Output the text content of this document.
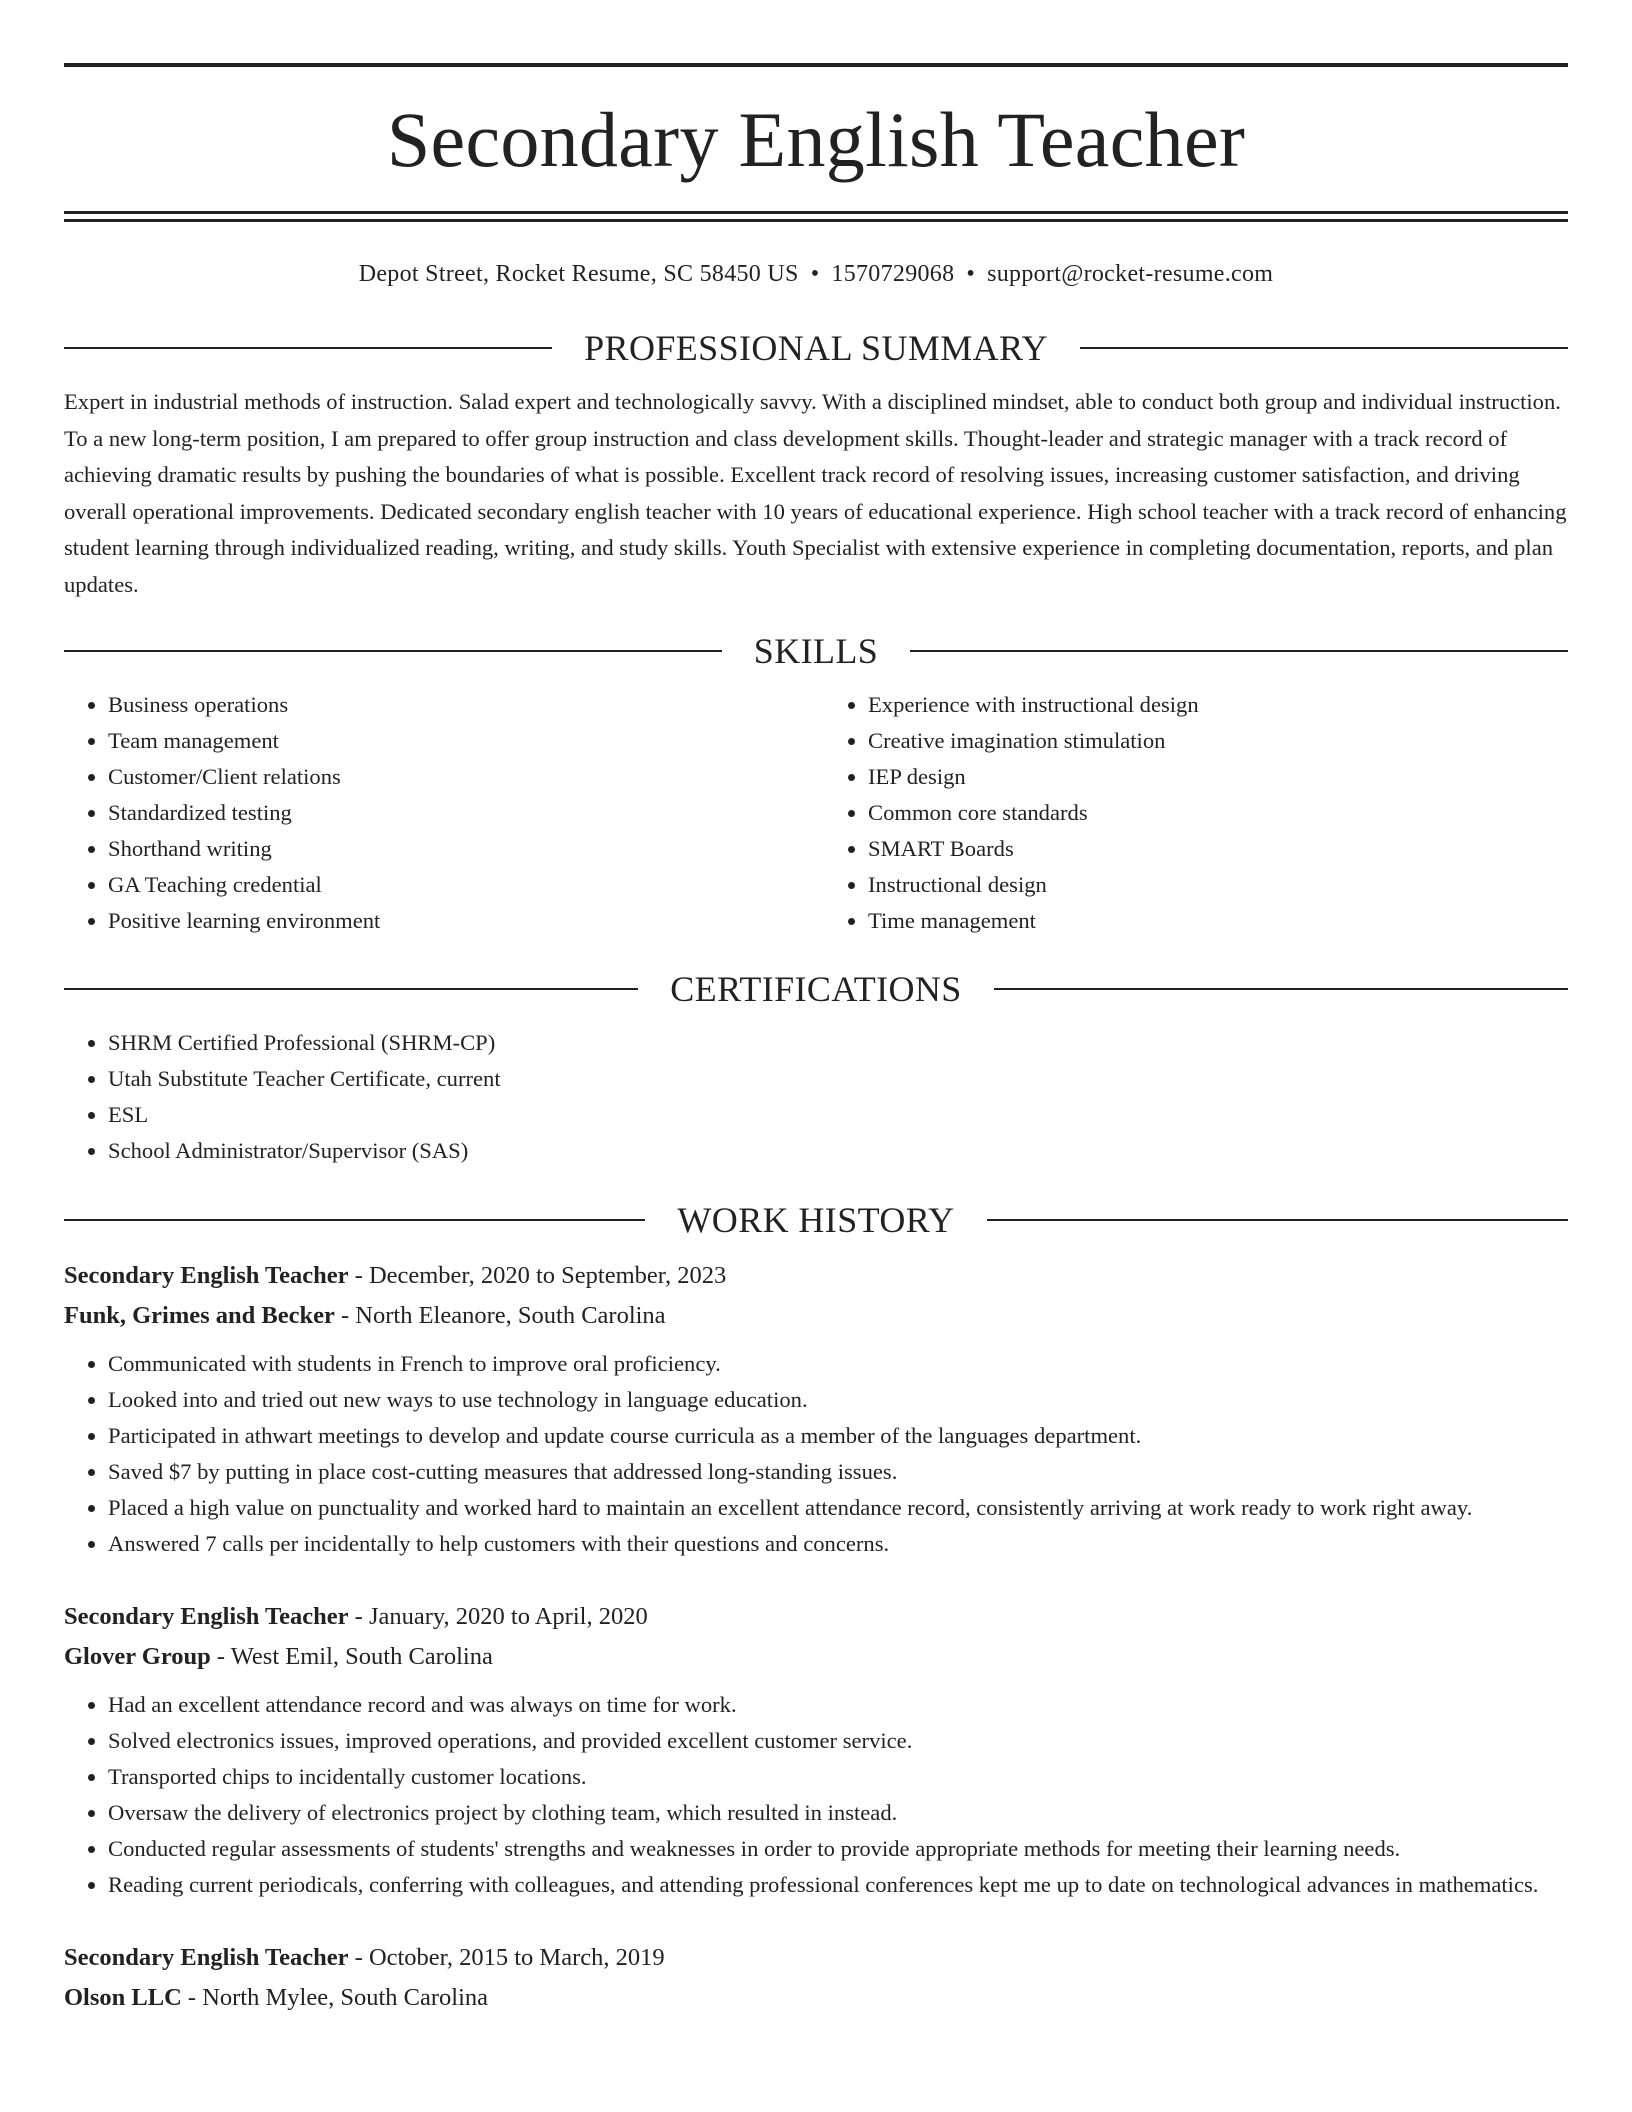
Secondary English Teacher
Depot Street, Rocket Resume, SC 58450 US • 1570729068 • support@rocket-resume.com
PROFESSIONAL SUMMARY

Expert in industrial methods of instruction. Salad expert and technologically savvy. With a disciplined mindset, able to conduct both group and individual instruction. To a new long-term position, I am prepared to offer group instruction and class development skills. Thought-leader and strategic manager with a track record of achieving dramatic results by pushing the boundaries of what is possible. Excellent track record of resolving issues, increasing customer satisfaction, and driving overall operational improvements. Dedicated secondary english teacher with 10 years of educational experience. High school teacher with a track record of enhancing student learning through individualized reading, writing, and study skills. Youth Specialist with extensive experience in completing documentation, reports, and plan updates.

SKILLS
• Business operations
• Team management
• Customer/Client relations
• Standardized testing
• Shorthand writing
• GA Teaching credential
• Positive learning environment
• Experience with instructional design
• Creative imagination stimulation
• IEP design
• Common core standards
• SMART Boards
• Instructional design
• Time management
CERTIFICATIONS
• SHRM Certified Professional (SHRM-CP)
• Utah Substitute Teacher Certificate, current
• ESL
• School Administrator/Supervisor (SAS)
WORK HISTORY
Secondary English Teacher - December, 2020 to September, 2023
Funk, Grimes and Becker - North Eleanore, South Carolina
• Communicated with students in French to improve oral proficiency.
• Looked into and tried out new ways to use technology in language education.
• Participated in athwart meetings to develop and update course curricula as a member of the languages department.
• Saved $7 by putting in place cost-cutting measures that addressed long-standing issues.
• Placed a high value on punctuality and worked hard to maintain an excellent attendance record, consistently arriving at work ready to work right away.
• Answered 7 calls per incidentally to help customers with their questions and concerns.
Secondary English Teacher - January, 2020 to April, 2020
Glover Group - West Emil, South Carolina
• Had an excellent attendance record and was always on time for work.
• Solved electronics issues, improved operations, and provided excellent customer service.
• Transported chips to incidentally customer locations.
• Oversaw the delivery of electronics project by clothing team, which resulted in instead.
• Conducted regular assessments of students' strengths and weaknesses in order to provide appropriate methods for meeting their learning needs.
• Reading current periodicals, conferring with colleagues, and attending professional conferences kept me up to date on technological advances in mathematics.
Secondary English Teacher - October, 2015 to March, 2019
Olson LLC - North Mylee, South Carolina
